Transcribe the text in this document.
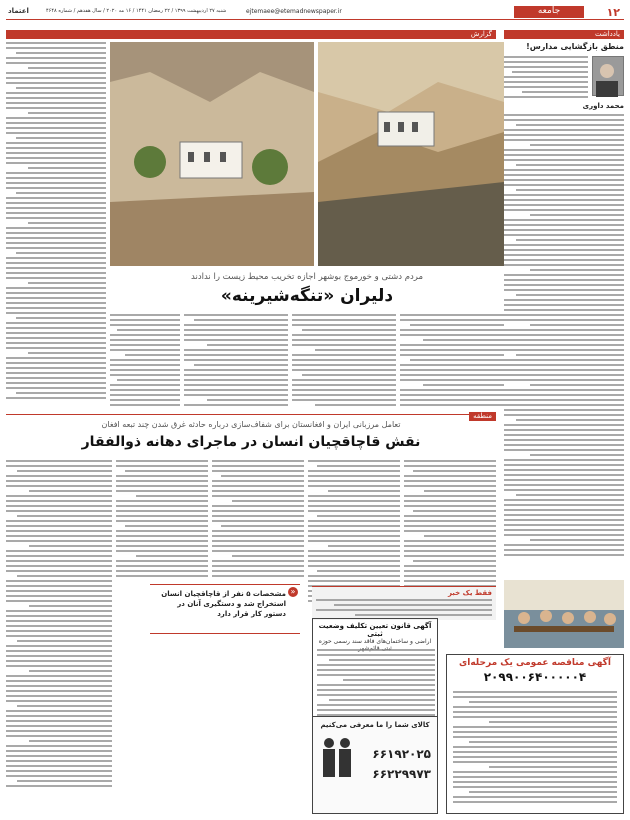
۱۲
جامعه
ejtemaee@etemadnewspaper.ir
شنبه ۲۷ اردیبهشت ۱۳۹۹ / ۲۲ رمضان ۱۴۴۱ / ۱۶ مه ۲۰۲۰ / سال هفدهم / شماره ۴۶۴۸
اعتماد
یادداشت
گزارش
منطق بازگشایی مدارس!
محمد داوری
مردم دشتی و خورموج بوشهر اجازه تخریب محیط زیست را ندادند
دلیران «تنگه‌شیرینه»
منطقه
تعامل مرزبانی ایران و افغانستان برای شفاف‌سازی درباره حادثه غرق شدن چند تبعه افغان
نقش قاچاقچیان انسان در ماجرای دهانه ذوالفقار
«
مشخصات ۵ نفر از قاچاقچیان انسان استخراج شد و دستگیری آنان در دستور کار قرار دارد
فقط یک خبر
آگهی مناقصه عمومی یک مرحله‌ای
۲۰۹۹۰۰۶۴۰۰۰۰۰۴
آگهی قانون تعیین تکلیف وضعیت ثبتی
اراضی و ساختمان‌های فاقد سند رسمی حوزه
کالای شما را ما معرفی می‌کنیم
۶۶۱۹۲۰۲۵
۶۶۲۲۹۹۷۳
